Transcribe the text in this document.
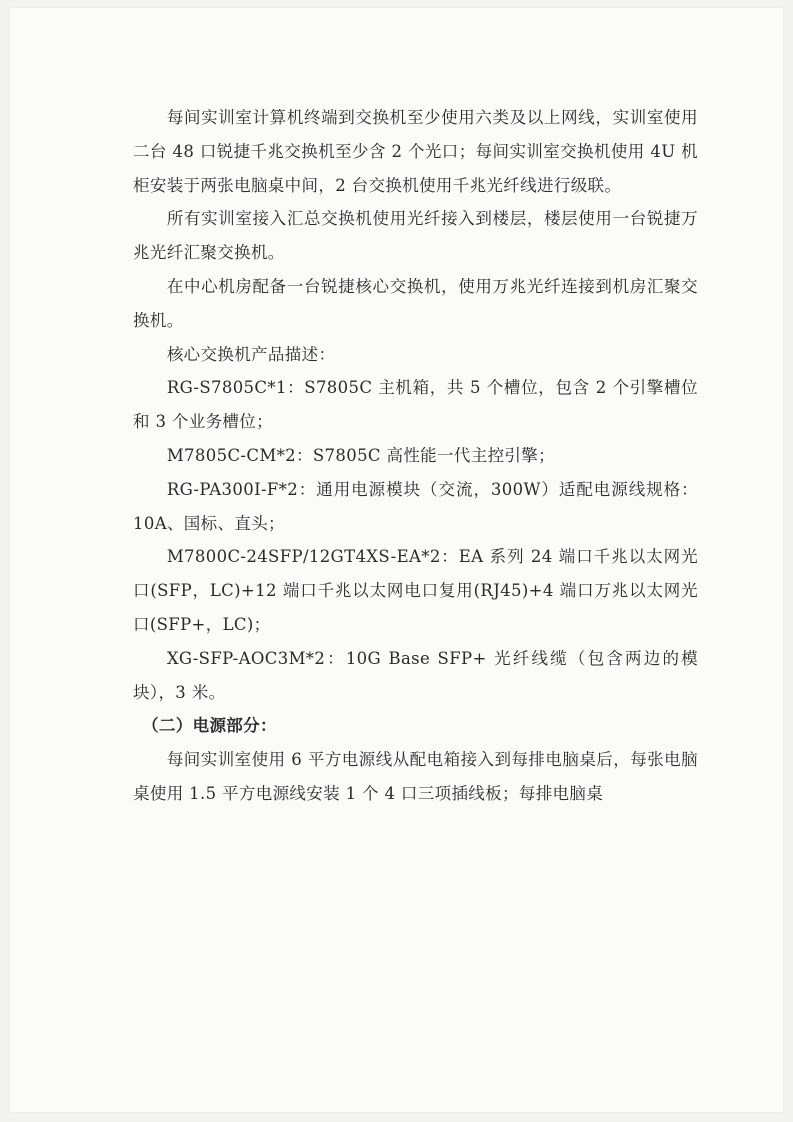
每间实训室计算机终端到交换机至少使用六类及以上网线，实训室使用二台 48 口锐捷千兆交换机至少含 2 个光口；每间实训室交换机使用 4U 机柜安装于两张电脑桌中间，2 台交换机使用千兆光纤线进行级联。

所有实训室接入汇总交换机使用光纤接入到楼层，楼层使用一台锐捷万兆光纤汇聚交换机。

在中心机房配备一台锐捷核心交换机，使用万兆光纤连接到机房汇聚交换机。

核心交换机产品描述：

RG-S7805C*1：S7805C 主机箱，共 5 个槽位，包含 2 个引擎槽位和 3 个业务槽位；

M7805C-CM*2：S7805C 高性能一代主控引擎；

RG-PA300I-F*2：通用电源模块（交流，300W）适配电源线规格：10A、国标、直头；

M7800C-24SFP/12GT4XS-EA*2：EA 系列 24 端口千兆以太网光口(SFP，LC)+12 端口千兆以太网电口复用(RJ45)+4 端口万兆以太网光口(SFP+，LC)；

XG-SFP-AOC3M*2：10G Base SFP+ 光纤线缆（包含两边的模块），3 米。

（二）电源部分：

每间实训室使用 6 平方电源线从配电箱接入到每排电脑桌后，每张电脑桌使用 1.5 平方电源线安装 1 个 4 口三项插线板；每排电脑桌
